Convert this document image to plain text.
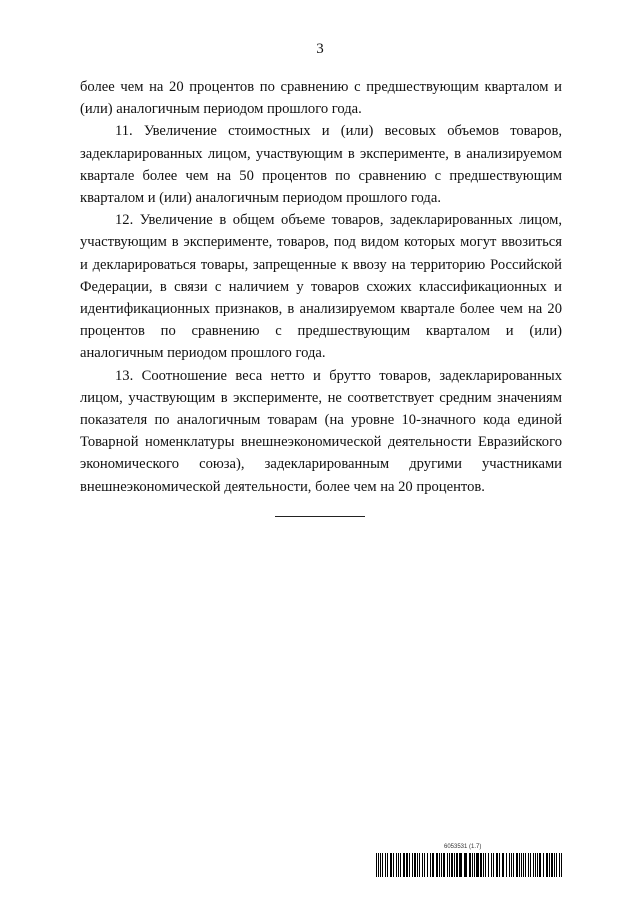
3

более чем на 20 процентов по сравнению с предшествующим кварталом и (или) аналогичным периодом прошлого года.

11. Увеличение стоимостных и (или) весовых объемов товаров, задекларированных лицом, участвующим в эксперименте, в анализируемом квартале более чем на 50 процентов по сравнению с предшествующим кварталом и (или) аналогичным периодом прошлого года.

12. Увеличение в общем объеме товаров, задекларированных лицом, участвующим в эксперименте, товаров, под видом которых могут ввозиться и декларироваться товары, запрещенные к ввозу на территорию Российской Федерации, в связи с наличием у товаров схожих классификационных и идентификационных признаков, в анализируемом квартале более чем на 20 процентов по сравнению с предшествующим кварталом и (или) аналогичным периодом прошлого года.

13. Соотношение веса нетто и брутто товаров, задекларированных лицом, участвующим в эксперименте, не соответствует средним значениям показателя по аналогичным товарам (на уровне 10-значного кода единой Товарной номенклатуры внешнеэкономической деятельности Евразийского экономического союза), задекларированным другими участниками внешнеэкономической деятельности, более чем на 20 процентов.

6053531 (1.7)
